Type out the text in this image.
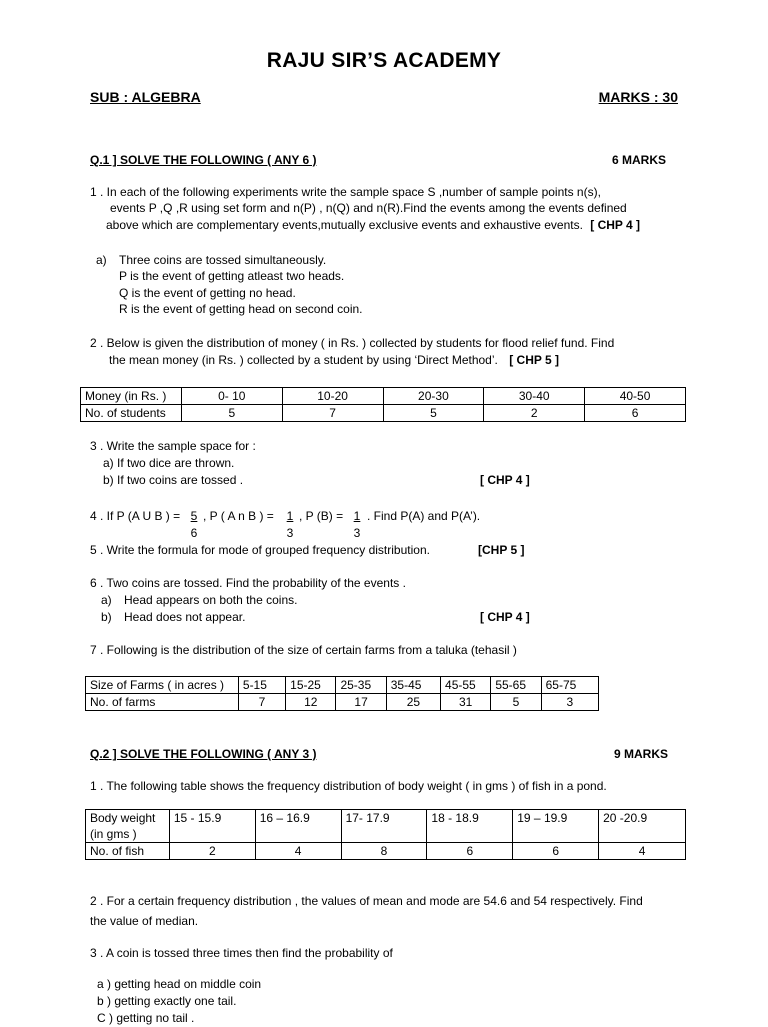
RAJU SIR’S ACADEMY
SUB : ALGEBRA	MARKS : 30
Q.1 ] SOLVE THE FOLLOWING ( ANY 6 )	6 MARKS
1 . In each of the following experiments write the sample space S ,number of sample points n(s),
events P ,Q ,R using set form and n(P) , n(Q) and n(R).Find the events among the events defined
above which are complementary events,mutually exclusive events and exhaustive events. [ CHP 4 ]
a) Three coins are tossed simultaneously.
P is the event of getting atleast two heads.
Q is the event of getting no head.
R is the event of getting head on second coin.
2 . Below is given the distribution of money ( in Rs. ) collected by students for flood relief fund. Find
the mean money (in Rs. ) collected by a student by using ‘Direct Method’. [ CHP 5 ]
Money (in Rs. )	0- 10	10-20	20-30	30-40	40-50
No. of students	5	7	5	2	6
3 . Write the sample space for :
a) If two dice are thrown.
b) If two coins are tossed .	[ CHP 4 ]
4 . If P (A U B ) = 5 , P ( A n B ) =	1 , P (B) = 1 . Find P(A) and P(A’).
6	3	3
5 . Write the formula for mode of grouped frequency distribution.	[CHP 5 ]
6 . Two coins are tossed. Find the probability of the events .
a) Head appears on both the coins.
b) Head does not appear.	[ CHP 4 ]
7 . Following is the distribution of the size of certain farms from a taluka (tehasil )
Size of Farms ( in acres )	5-15	15-25	25-35	35-45	45-55	55-65	65-75
No. of farms	7	12	17	25	31	5	3
Q.2 ] SOLVE THE FOLLOWING ( ANY 3 )	9 MARKS
1 . The following table shows the frequency distribution of body weight ( in gms ) of fish in a pond.
Body weight
(in gms )	15 - 15.9	16 – 16.9	17- 17.9	18 - 18.9	19 – 19.9	20 -20.9
No. of fish	2	4	8	6	6	4
2 . For a certain frequency distribution , the values of mean and mode are 54.6 and 54 respectively. Find
the value of median.
3 . A coin is tossed three times then find the probability of
a ) getting head on middle coin
b ) getting exactly one tail.
C ) getting no tail .
